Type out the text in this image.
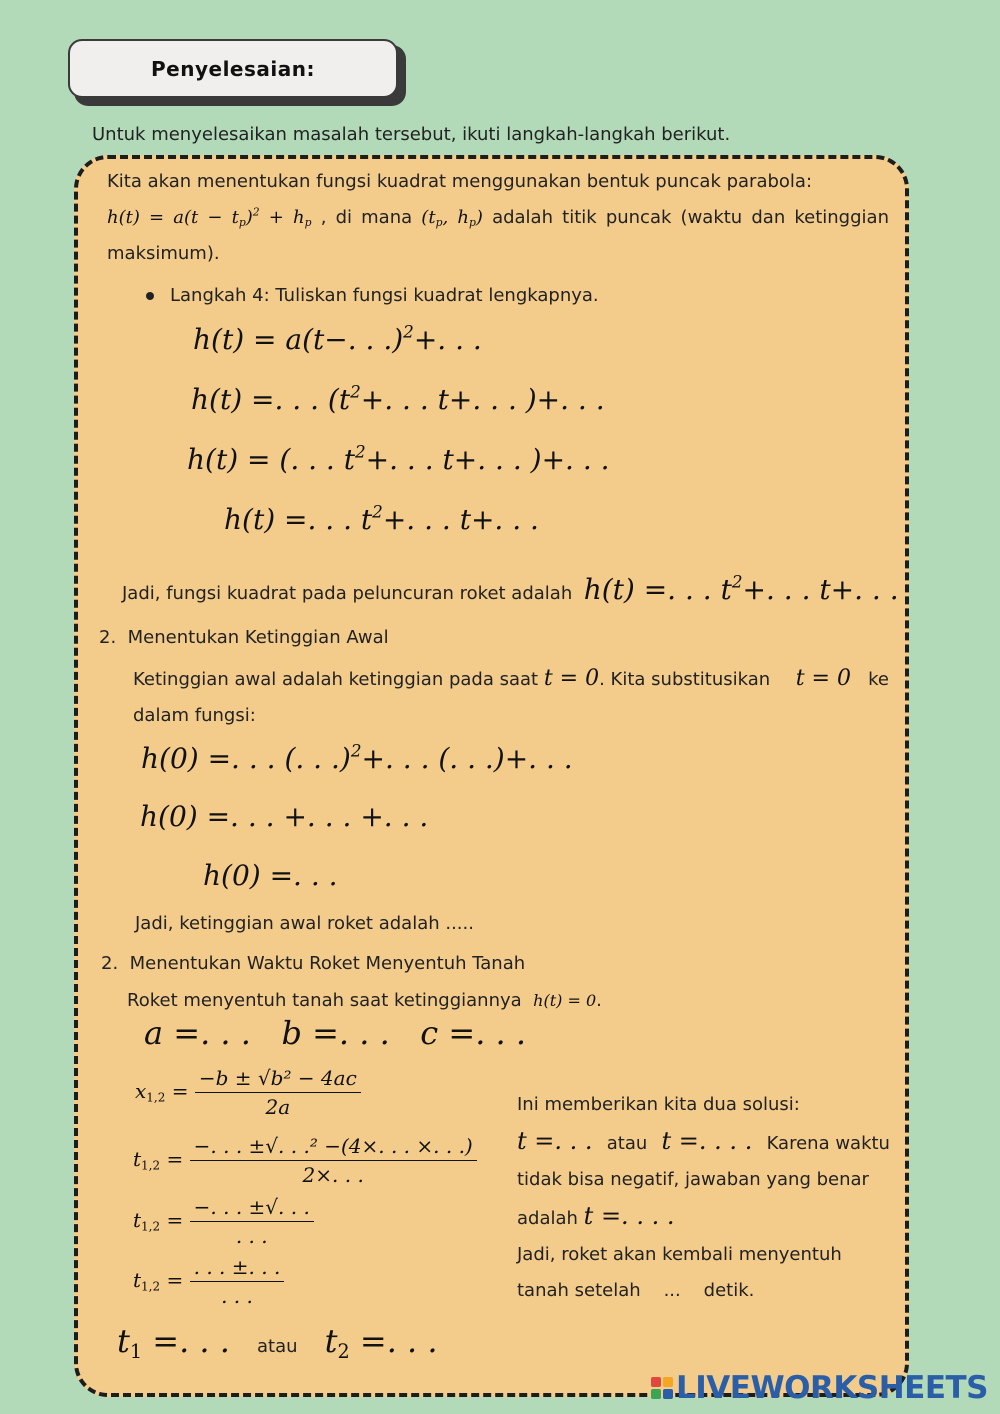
Penyelesaian:
Untuk menyelesaikan masalah tersebut, ikuti langkah-langkah berikut.
Kita akan menentukan fungsi kuadrat menggunakan bentuk puncak parabola:
$h(t) = a(t - t_p)^2 + h_p$ , di mana ($t_p$, $h_p$) adalah titik puncak (waktu dan ketinggian maksimum).
Langkah 4: Tuliskan fungsi kuadrat lengkapnya.
h(t) = a(t−. . .)$^2$+. . .
h(t) =. . . ($t^2+$. . . t+. . . )+. . .
h(t) = (. . . $t^2+$. . . t+. . . )+. . .
h(t) =. . . $t^2+$. . . t+. . .
Jadi, fungsi kuadrat pada peluncuran roket adalah h(t) =. . . $t^2+$. . . t+. . .
2. Menentukan Ketinggian Awal
Ketinggian awal adalah ketinggian pada saat t = 0. Kita substitusikan t = 0 ke
dalam fungsi:
h(0) =. . . (. . .)$^2$+. . . (. . .)+. . .
h(0) =. . . +. . . +. . .
h(0) =. . .
Jadi, ketinggian awal roket adalah .....
2. Menentukan Waktu Roket Menyentuh Tanah
Roket menyentuh tanah saat ketinggiannya h(t) = 0.
a =. . .   b =. . .   c =. . .
$x_{1,2} = \frac{\text{−b ± √b² − 4ac}}{2a}$
$t_{1,2} = \frac{\text{−. . . ±√. . .² −(4×. . . ×. . .)}}{2\times. . .}$
$t_{1,2} = \frac{-. . . \pm√. . .}{. . .}$
$t_{1,2} = \frac{. . . \pm. . .}{. . .}$
$t_1$ =. . . atau $t_2$ =. . .
Ini memberikan kita dua solusi:
t =. . . atau t =. . . . Karena waktu
tidak bisa negatif, jawaban yang benar
adalah t =. . . .
Jadi, roket akan kembali menyentuh
tanah setelah ... detik.
LIVEWORKSHEETS
